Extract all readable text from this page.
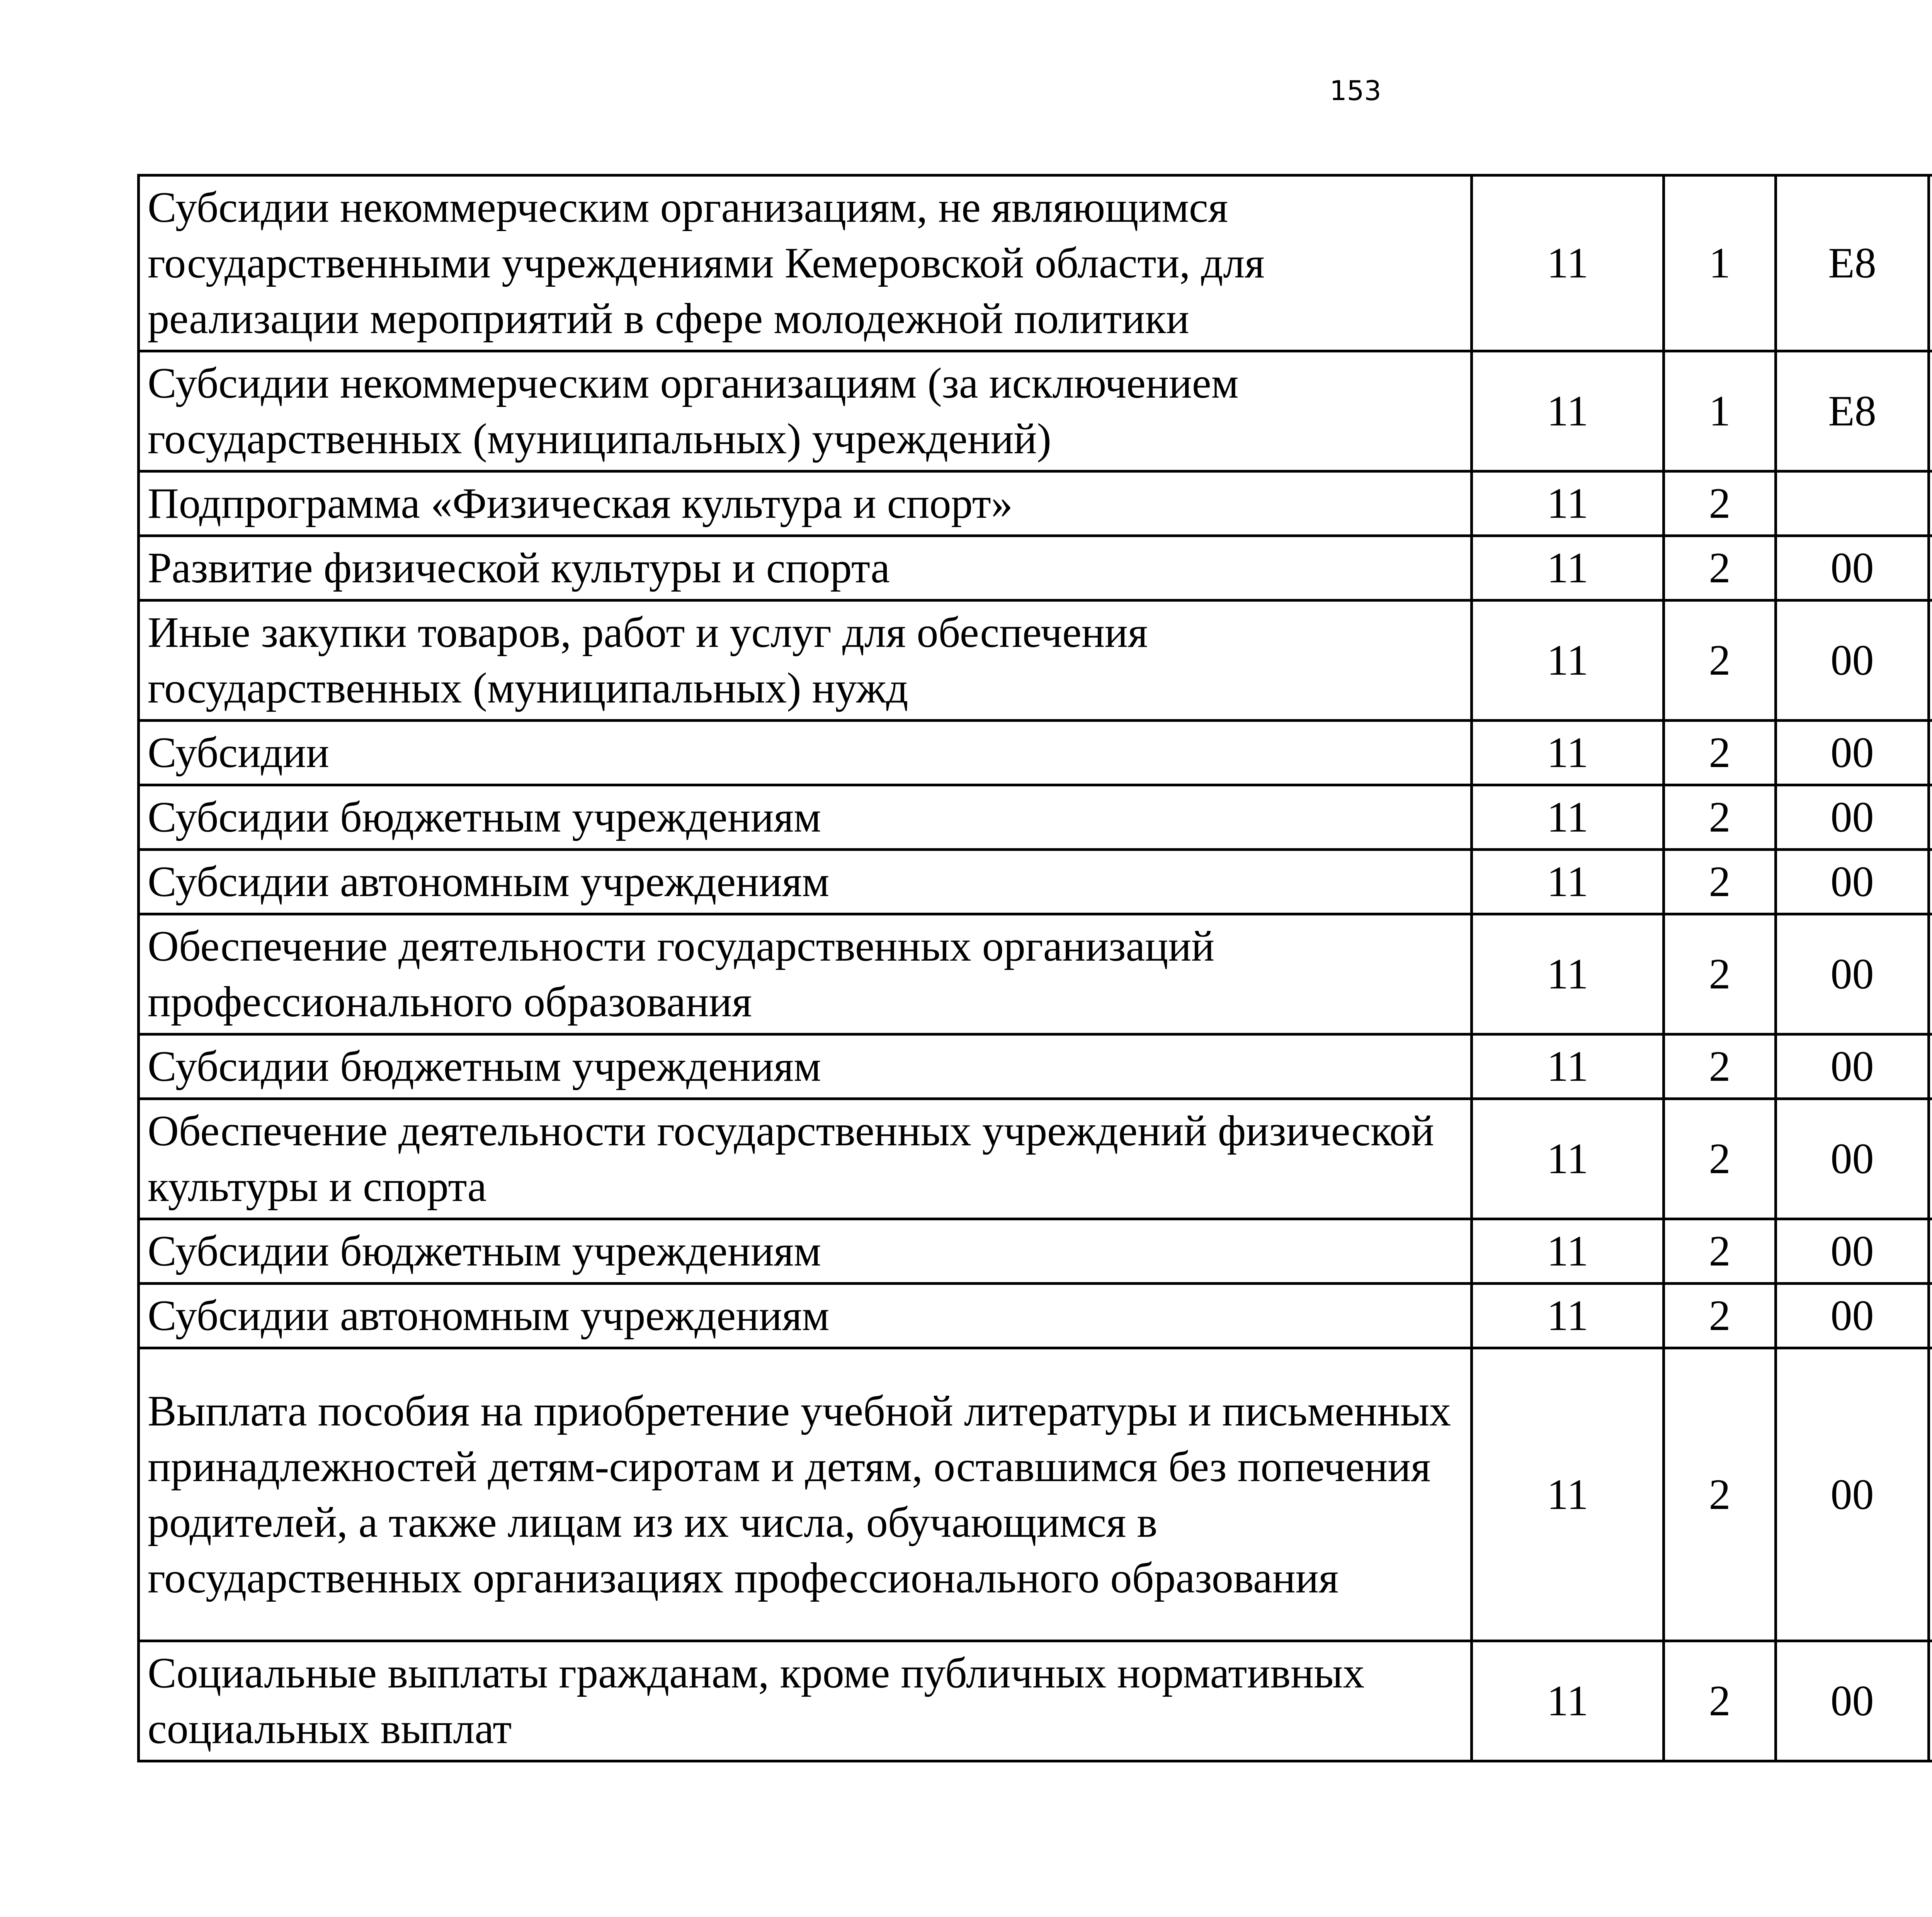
153
Субсидии некоммерческим организациям, не являющимся государственными учреждениями Кемеровской области, для реализации мероприятий в сфере молодежной политики	11	1	Е8			
Субсидии некоммерческим организациям (за исключением государственных (муниципальных) учреждений)	11	1	Е8			
Подпрограмма «Физическая культура и спорт»	11	2				
Развитие физической культуры и спорта	11	2	00			
Иные закупки товаров, работ и услуг для обеспечения государственных (муниципальных) нужд	11	2	00			
Субсидии	11	2	00			
Субсидии бюджетным учреждениям	11	2	00			
Субсидии автономным учреждениям	11	2	00			
Обеспечение деятельности государственных организаций профессионального образования	11	2	00			
Субсидии бюджетным учреждениям	11	2	00			
Обеспечение деятельности государственных учреждений физической культуры и спорта	11	2	00			
Субсидии бюджетным учреждениям	11	2	00			
Субсидии автономным учреждениям	11	2	00			
Выплата пособия на приобретение учебной литературы и письменных принадлежностей детям-сиротам и детям, оставшимся без попечения родителей, а также лицам из их числа, обучающимся в государственных организациях профессионального образования	11	2	00			
Социальные выплаты гражданам, кроме публичных нормативных социальных выплат	11	2	00			
